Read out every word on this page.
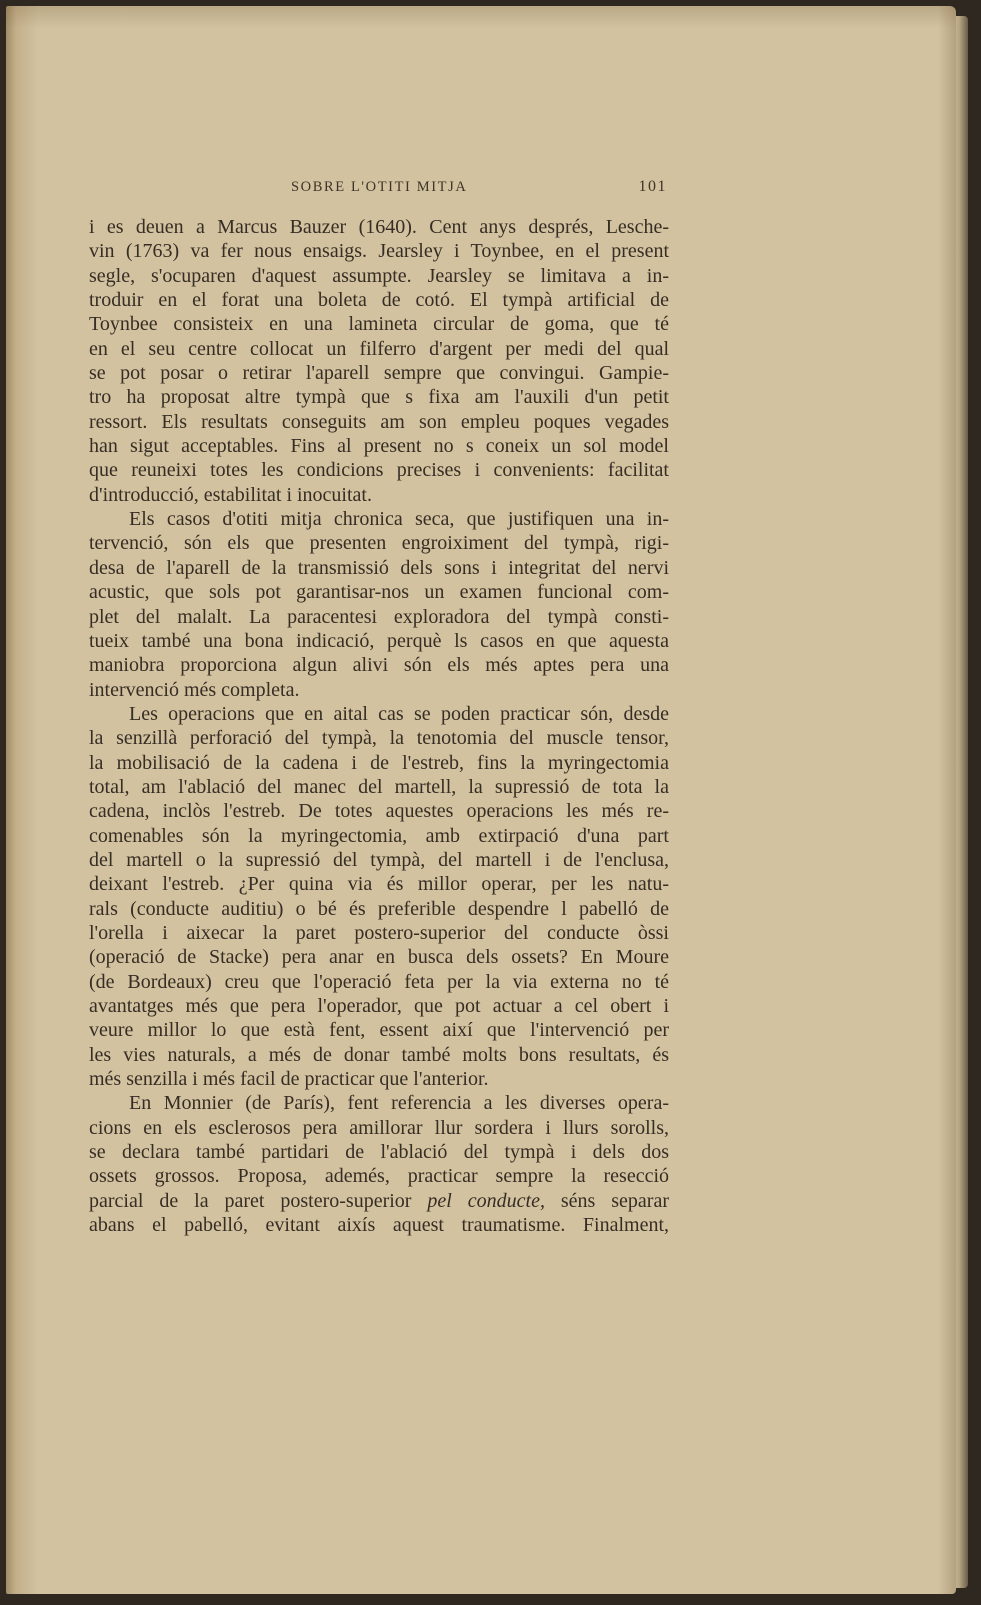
SOBRE L'OTITI MITJA	101
i es deuen a Marcus Bauzer (1640). Cent anys després, Lesche-
vin (1763) va fer nous ensaigs. Jearsley i Toynbee, en el present
segle, s'ocuparen d'aquest assumpte. Jearsley se limitava a in-
troduir en el forat una boleta de cotó. El tympà artificial de
Toynbee consisteix en una lamineta circular de goma, que té
en el seu centre collocat un filferro d'argent per medi del qual
se pot posar o retirar l'aparell sempre que convingui. Gampie-
tro ha proposat altre tympà que s fixa am l'auxili d'un petit
ressort. Els resultats conseguits am son empleu poques vegades
han sigut acceptables. Fins al present no s coneix un sol model
que reuneixi totes les condicions precises i convenients: facilitat
d'introducció, estabilitat i inocuitat.
Els casos d'otiti mitja chronica seca, que justifiquen una in-
tervenció, són els que presenten engroiximent del tympà, rigi-
desa de l'aparell de la transmissió dels sons i integritat del nervi
acustic, que sols pot garantisar-nos un examen funcional com-
plet del malalt. La paracentesi exploradora del tympà consti-
tueix també una bona indicació, perquè ls casos en que aquesta
maniobra proporciona algun alivi són els més aptes pera una
intervenció més completa.
Les operacions que en aital cas se poden practicar són, desde
la senzillà perforació del tympà, la tenotomia del muscle tensor,
la mobilisació de la cadena i de l'estreb, fins la myringectomia
total, am l'ablació del manec del martell, la supressió de tota la
cadena, inclòs l'estreb. De totes aquestes operacions les més re-
comenables són la myringectomia, amb extirpació d'una part
del martell o la supressió del tympà, del martell i de l'enclusa,
deixant l'estreb. ¿Per quina via és millor operar, per les natu-
rals (conducte auditiu) o bé és preferible despendre l pabelló de
l'orella i aixecar la paret postero-superior del conducte òssi
(operació de Stacke) pera anar en busca dels ossets? En Moure
(de Bordeaux) creu que l'operació feta per la via externa no té
avantatges més que pera l'operador, que pot actuar a cel obert i
veure millor lo que està fent, essent així que l'intervenció per
les vies naturals, a més de donar també molts bons resultats, és
més senzilla i més facil de practicar que l'anterior.
En Monnier (de París), fent referencia a les diverses opera-
cions en els esclerosos pera amillorar llur sordera i llurs sorolls,
se declara també partidari de l'ablació del tympà i dels dos
ossets grossos. Proposa, ademés, practicar sempre la resecció
parcial de la paret postero-superior pel conducte, séns separar
abans el pabelló, evitant aixís aquest traumatisme. Finalment,
